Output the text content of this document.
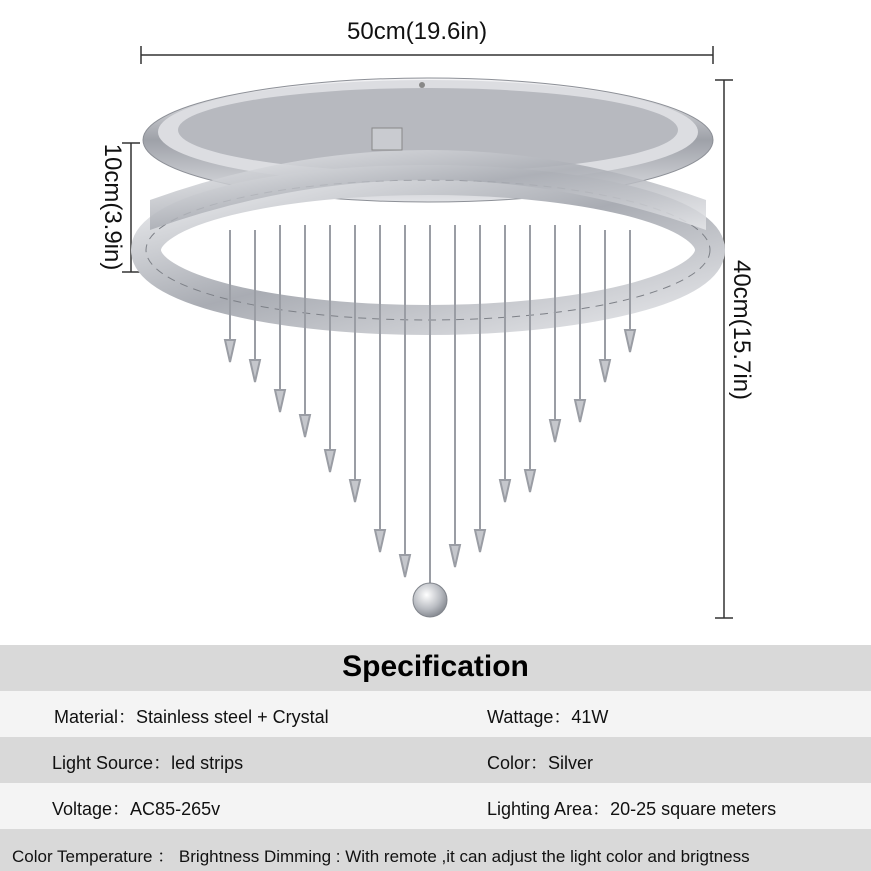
50cm(19.6in)
10cm(3.9in)
40cm(15.7in)
Specification
Material：Stainless steel + Crystal	Wattage：41W
Light Source：led strips	Color：Silver
Voltage：AC85-265v	Lighting Area：20-25 square meters
Color Temperature ： Brightness Dimming : With remote ,it can adjust the light color and brigtness
